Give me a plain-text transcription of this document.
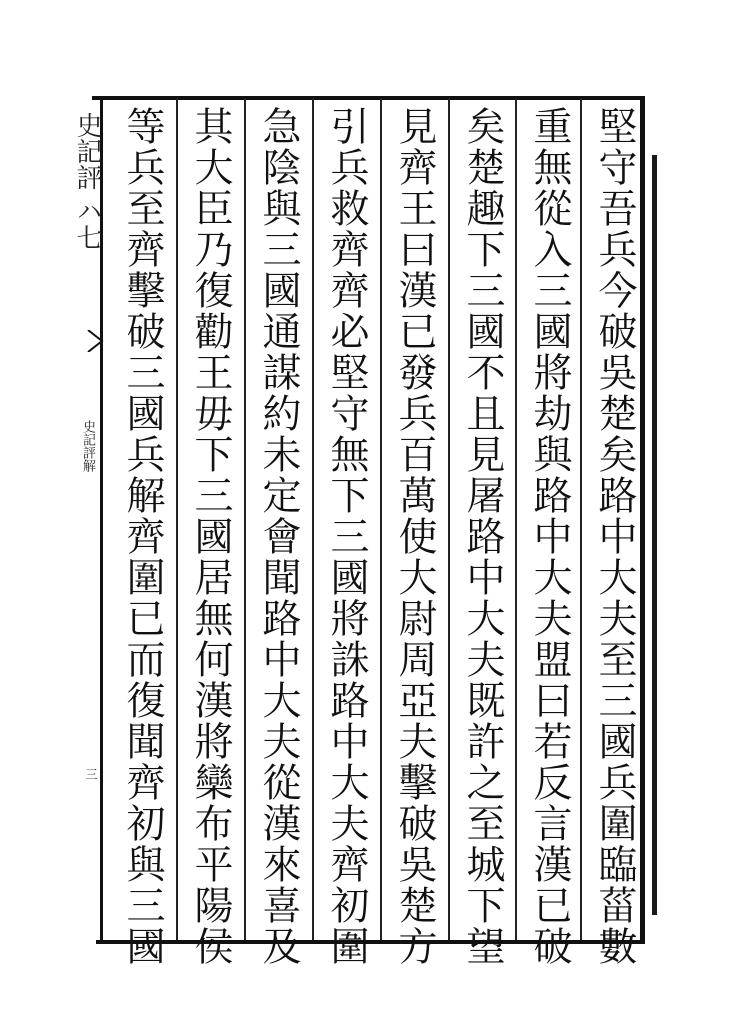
堅守吾兵今破吳楚矣路中大夫至三國兵圍臨菑數
重無從入三國將劫與路中大夫盟曰若反言漢已破
矣楚趣下三國不且見屠路中大夫既許之至城下望
見齊王曰漢已發兵百萬使大尉周亞夫擊破吳楚方
引兵救齊齊必堅守無下三國將誅路中大夫齊初圍
急陰與三國通謀約未定會聞路中大夫從漢來喜及
其大臣乃復勸王毋下三國居無何漢將欒布平陽侯
等兵至齊擊破三國兵解齊圍已而復聞齊初與三國
史記評 ハ七
史記評解
三
